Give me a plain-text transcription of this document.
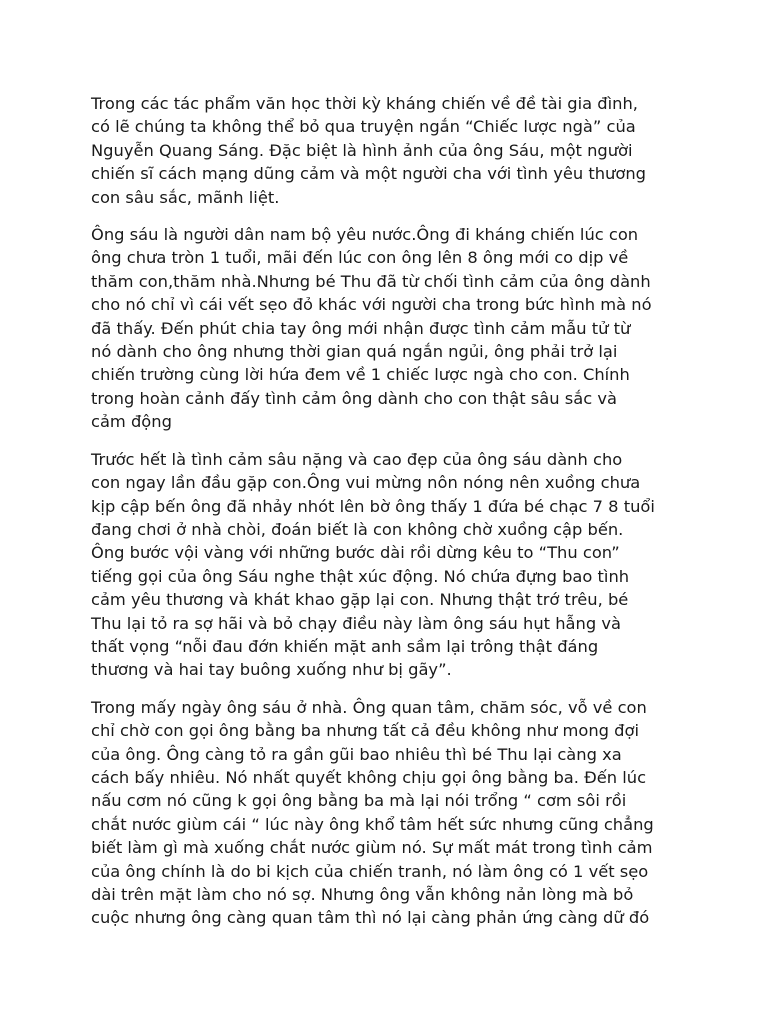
Trong các tác phẩm văn học thời kỳ kháng chiến về đề tài gia đình,
có lẽ chúng ta không thể bỏ qua truyện ngắn “Chiếc lược ngà” của
Nguyễn Quang Sáng. Đặc biệt là hình ảnh của ông Sáu, một người
chiến sĩ cách mạng dũng cảm và một người cha với tình yêu thương
con sâu sắc, mãnh liệt.

Ông sáu là người dân nam bộ yêu nước.Ông đi kháng chiến lúc con
ông chưa tròn 1 tuổi, mãi đến lúc con ông lên 8 ông mới co dịp về
thăm con,thăm nhà.Nhưng bé Thu đã từ chối tình cảm của ông dành
cho nó chỉ vì cái vết sẹo đỏ khác với người cha trong bức hình mà nó
đã thấy. Đến phút chia tay ông mới nhận được tình cảm mẫu tử từ
nó dành cho ông nhưng thời gian quá ngắn ngủi, ông phải trở lại
chiến trường cùng lời hứa đem về 1 chiếc lược ngà cho con. Chính
trong hoàn cảnh đấy tình cảm ông dành cho con thật sâu sắc và
cảm động

Trước hết là tình cảm sâu nặng và cao đẹp của ông sáu dành cho
con ngay lần đầu gặp con.Ông vui mừng nôn nóng nên xuồng chưa
kịp cập bến ông đã nhảy nhót lên bờ ông thấy 1 đứa bé chạc 7 8 tuổi
đang chơi ở nhà chòi, đoán biết là con không chờ xuồng cập bến.
Ông bước vội vàng với những bước dài rồi dừng kêu to “Thu con”
tiếng gọi của ông Sáu nghe thật xúc động. Nó chứa đựng bao tình
cảm yêu thương và khát khao gặp lại con. Nhưng thật trớ trêu, bé
Thu lại tỏ ra sợ hãi và bỏ chạy điều này làm ông sáu hụt hẫng và
thất vọng “nỗi đau đớn khiến mặt anh sầm lại trông thật đáng
thương và hai tay buông xuống như bị gãy”.

Trong mấy ngày ông sáu ở nhà. Ông quan tâm, chăm sóc, vỗ về con
chỉ chờ con gọi ông bằng ba nhưng tất cả đều không như mong đợi
của ông. Ông càng tỏ ra gần gũi bao nhiêu thì bé Thu lại càng xa
cách bấy nhiêu. Nó nhất quyết không chịu gọi ông bằng ba. Đến lúc
nấu cơm nó cũng k gọi ông bằng ba mà lại nói trổng “ cơm sôi rồi
chắt nước giùm cái “ lúc này ông khổ tâm hết sức nhưng cũng chẳng
biết làm gì mà xuống chắt nước giùm nó. Sự mất mát trong tình cảm
của ông chính là do bi kịch của chiến tranh, nó làm ông có 1 vết sẹo
dài trên mặt làm cho nó sợ. Nhưng ông vẫn không nản lòng mà bỏ
cuộc nhưng ông càng quan tâm thì nó lại càng phản ứng càng dữ đó
